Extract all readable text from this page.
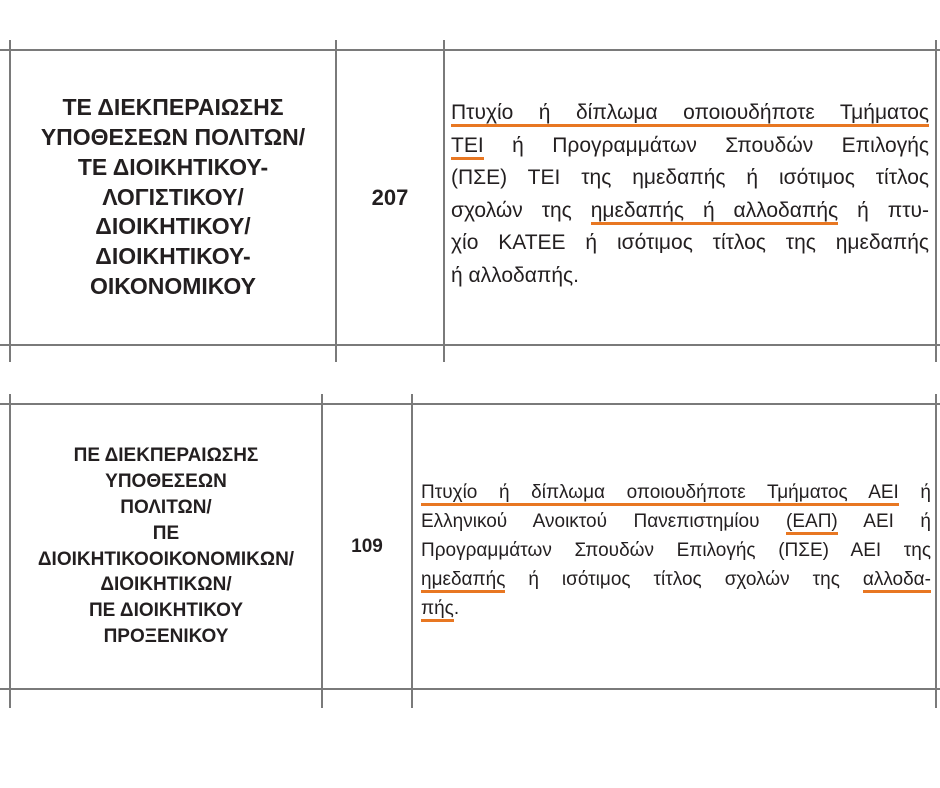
ΤΕ ΔΙΕΚΠΕΡΑΙΩΣΗΣ
ΥΠΟΘΕΣΕΩΝ ΠΟΛΙΤΩΝ/
ΤΕ ΔΙΟΙΚΗΤΙΚΟΥ-
ΛΟΓΙΣΤΙΚΟΥ/
ΔΙΟΙΚΗΤΙΚΟΥ/
ΔΙΟΙΚΗΤΙΚΟΥ-
ΟΙΚΟΝΟΜΙΚΟΥ
207
Πτυχίο ή δίπλωμα οποιουδήποτε Τμήματος
ΤΕΙ ή Προγραμμάτων Σπουδών Επιλογής
(ΠΣΕ) ΤΕΙ της ημεδαπής ή ισότιμος τίτλος
σχολών της ημεδαπής ή αλλοδαπής ή πτυ-
χίο ΚΑΤΕΕ ή ισότιμος τίτλος της ημεδαπής
ή αλλοδαπής.
ΠΕ ΔΙΕΚΠΕΡΑΙΩΣΗΣ
ΥΠΟΘΕΣΕΩΝ
ΠΟΛΙΤΩΝ/
ΠΕ
ΔΙΟΙΚΗΤΙΚΟΟΙΚΟΝΟΜΙΚΩΝ/
ΔΙΟΙΚΗΤΙΚΩΝ/
ΠΕ ΔΙΟΙΚΗΤΙΚΟΥ
ΠΡΟΞΕΝΙΚΟΥ
109
Πτυχίο ή δίπλωμα οποιουδήποτε Τμήματος ΑΕΙ ή
Ελληνικού Ανοικτού Πανεπιστημίου (ΕΑΠ) ΑΕΙ ή
Προγραμμάτων Σπουδών Επιλογής (ΠΣΕ) ΑΕΙ της
ημεδαπής ή ισότιμος τίτλος σχολών της αλλοδα-
πής.
